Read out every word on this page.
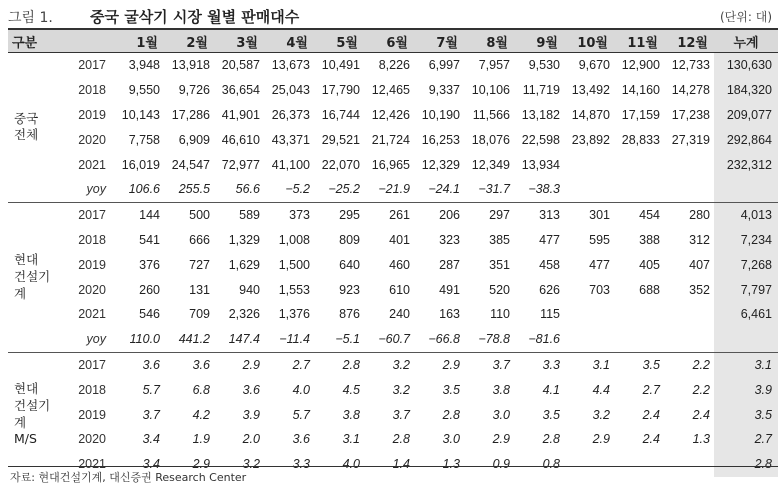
그림 1. 중국 굴삭기 시장 월별 판매대수	(단위: 대)
구분		1월	2월	3월	4월	5월	6월	7월	8월	9월	10월	11월	12월	누계
중국
전체	2017	3,948	13,918	20,587	13,673	10,491	8,226	6,997	7,957	9,530	9,670	12,900	12,733	130,630
	2018	9,550	9,726	36,654	25,043	17,790	12,465	9,337	10,106	11,719	13,492	14,160	14,278	184,320
	2019	10,143	17,286	41,901	26,373	16,744	12,426	10,190	11,566	13,182	14,870	17,159	17,238	209,077
	2020	7,758	6,909	46,610	43,371	29,521	21,724	16,253	18,076	22,598	23,892	28,833	27,319	292,864
	2021	16,019	24,547	72,977	41,100	22,070	16,965	12,329	12,349	13,934				232,312
	yoy	106.6	255.5	56.6	−5.2	−25.2	−21.9	−24.1	−31.7	−38.3				
현대
건설기계	2017	144	500	589	373	295	261	206	297	313	301	454	280	4,013
	2018	541	666	1,329	1,008	809	401	323	385	477	595	388	312	7,234
	2019	376	727	1,629	1,500	640	460	287	351	458	477	405	407	7,268
	2020	260	131	940	1,553	923	610	491	520	626	703	688	352	7,797
	2021	546	709	2,326	1,376	876	240	163	110	115				6,461
	yoy	110.0	441.2	147.4	−11.4	−5.1	−60.7	−66.8	−78.8	−81.6				
현대
건설기계
M/S	2017	3.6	3.6	2.9	2.7	2.8	3.2	2.9	3.7	3.3	3.1	3.5	2.2	3.1
	2018	5.7	6.8	3.6	4.0	4.5	3.2	3.5	3.8	4.1	4.4	2.7	2.2	3.9
	2019	3.7	4.2	3.9	5.7	3.8	3.7	2.8	3.0	3.5	3.2	2.4	2.4	3.5
	2020	3.4	1.9	2.0	3.6	3.1	2.8	3.0	2.9	2.8	2.9	2.4	1.3	2.7
	2021	3.4	2.9	3.2	3.3	4.0	1.4	1.3	0.9	0.8				2.8
자료: 현대건설기계, 대신증권 Research Center
